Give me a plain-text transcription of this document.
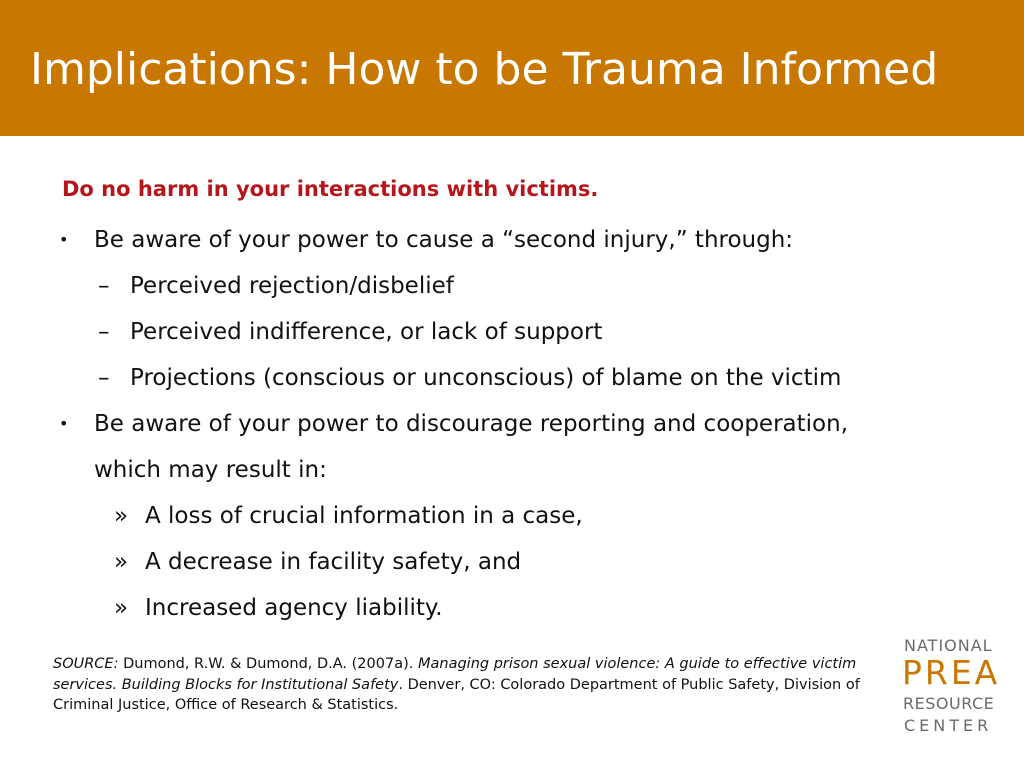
Implications: How to be Trauma Informed
Do no harm in your interactions with victims.
• Be aware of your power to cause a “second injury,” through:
– Perceived rejection/disbelief
– Perceived indifference, or lack of support
– Projections (conscious or unconscious) of blame on the victim
• Be aware of your power to discourage reporting and cooperation,
which may result in:
» A loss of crucial information in a case,
» A decrease in facility safety, and
» Increased agency liability.
SOURCE: Dumond, R.W. & Dumond, D.A. (2007a). Managing prison sexual violence: A guide to effective victim services. Building Blocks for Institutional Safety. Denver, CO: Colorado Department of Public Safety, Division of Criminal Justice, Office of Research & Statistics.
NATIONAL
PREA
RESOURCE
CENTER
